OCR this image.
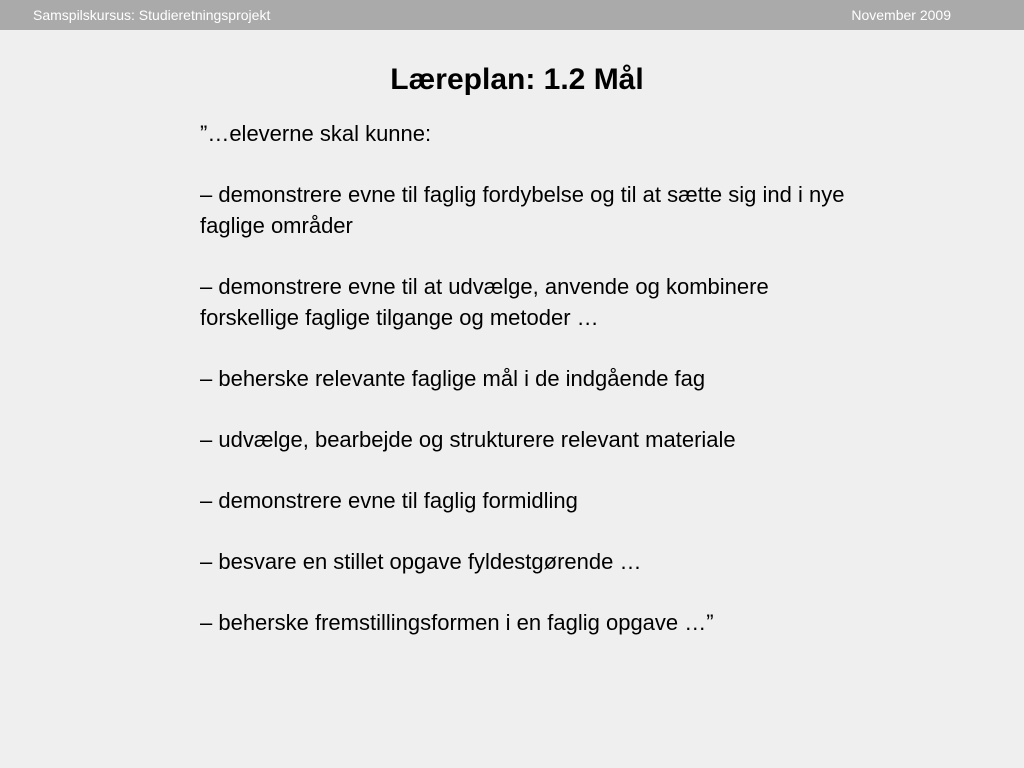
Samspilskursus: Studieretningsprojekt	November 2009
Læreplan: 1.2 Mål

”…eleverne skal kunne:

– demonstrere evne til faglig fordybelse og til at sætte sig ind i nye faglige områder

– demonstrere evne til at udvælge, anvende og kombinere forskellige faglige tilgange og metoder …

– beherske relevante faglige mål i de indgående fag

– udvælge, bearbejde og strukturere relevant materiale

– demonstrere evne til faglig formidling

– besvare en stillet opgave fyldestgørende …

– beherske fremstillingsformen i en faglig opgave …”
